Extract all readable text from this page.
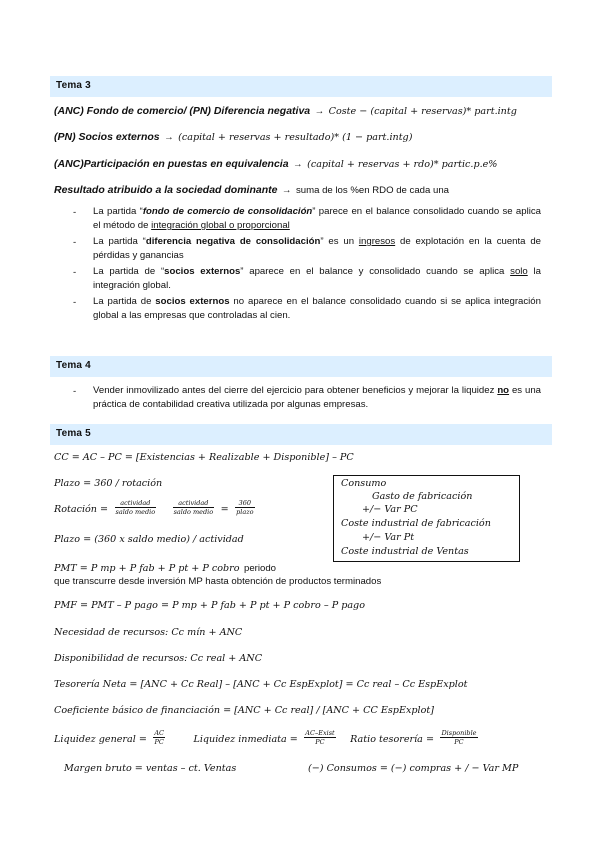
Tema 3
(ANC) Fondo de comercio/ (PN) Diferencia negativa → Coste − (capital + reservas)* part.intg
(PN) Socios externos → (capital + reservas + resultado)* (1 − part.intg)
(ANC)Participación en puestas en equivalencia → (capital + reservas + rdo)* partic.p.e%
Resultado atribuido a la sociedad dominante → suma de los %en RDO de cada una
- La partida “fondo de comercio de consolidación” parece en el balance consolidado cuando se aplica el método de integración global o proporcional
- La partida “diferencia negativa de consolidación” es un ingresos de explotación en la cuenta de pérdidas y ganancias
- La partida de “socios externos” aparece en el balance y consolidado cuando se aplica solo la integración global.
- La partida de socios externos no aparece en el balance consolidado cuando si se aplica integración global a las empresas que controladas al cien.
Tema 4
- Vender inmovilizado antes del cierre del ejercicio para obtener beneficios y mejorar la liquidez no es una práctica de contabilidad creativa utilizada por algunas empresas.
Tema 5
CC = AC – PC = [Existencias + Realizable + Disponible] – PC
Plazo = 360 / rotación
Rotación =
actividad
saldo medio

actividad
saldo medio =
360
plazo
Plazo = (360 x saldo medio) / actividad
Consumo
Gasto de fabricación
+/− Var PC
Coste industrial de fabricación
+/− Var Pt
Coste industrial de Ventas
PMT = P mp + P fab + P pt + P cobro periodo
que transcurre desde inversión MP hasta obtención de productos terminados
PMF = PMT – P pago = P mp + P fab + P pt + P cobro – P pago
Necesidad de recursos: Cc mín + ANC
Disponibilidad de recursos: Cc real + ANC
Tesorería Neta = [ANC + Cc Real] – [ANC + Cc EspExplot] = Cc real – Cc EspExplot
Coeficiente básico de financiación = [ANC + Cc real] / [ANC + CC EspExplot]
Liquidez general = $\frac{AC}{PC}$	Liquidez inmediata =
AC–Exist
PC	Ratio tesorería =
Disponible
PC
Margen bruto = ventas – ct. Ventas	(−) Consumos = (−) compras + / − Var MP
